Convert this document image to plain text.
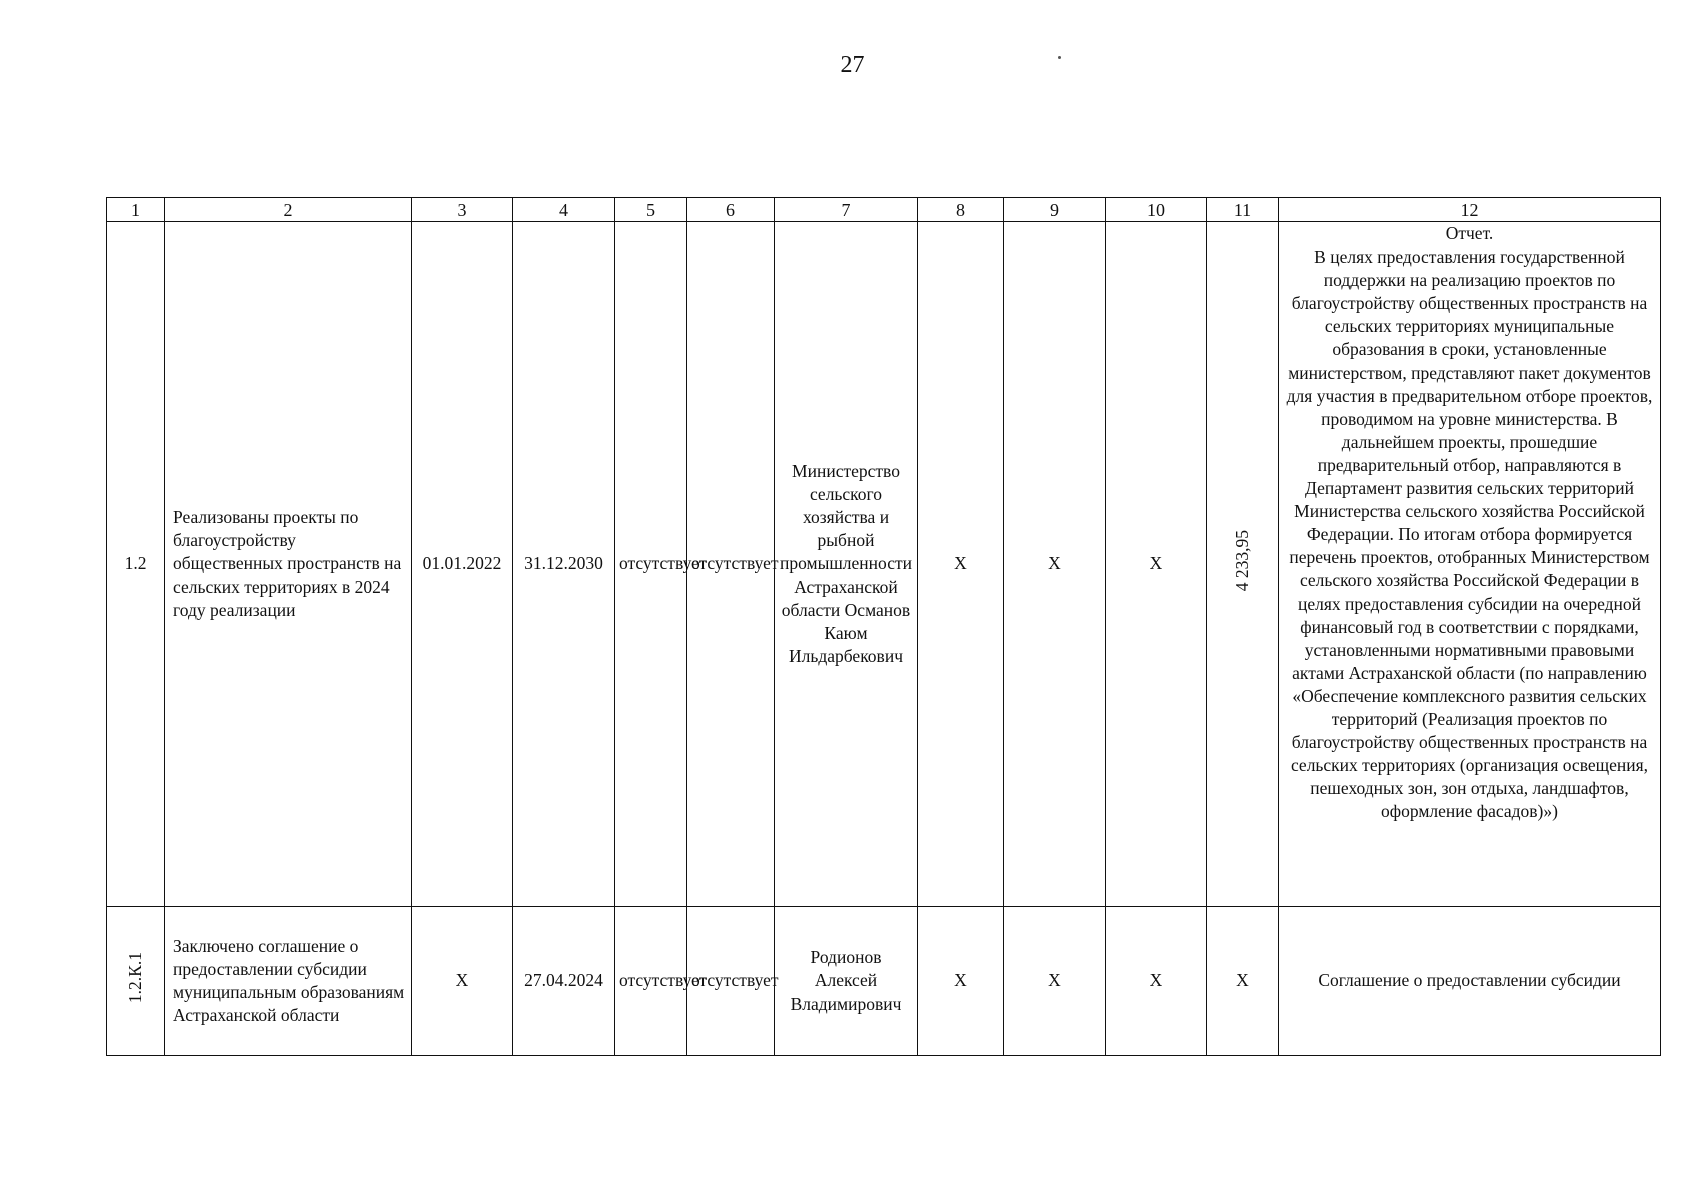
27
1	2	3	4	5	6	7	8	9	10	11	12
1.2	Реализованы проекты по благоустройству общественных пространств на сельских территориях в 2024 году реализации	01.01.2022	31.12.2030	отсутствует	отсутствует	Министерство сельского хозяйства и рыбной промышленности Астраханской области Османов Каюм Ильдарбекович	X	X	X	4 233,95	Отчет.
В целях предоставления государственной поддержки на реализацию проектов по благоустройству общественных пространств на сельских территориях муниципальные образования в сроки, установленные министерством, представляют пакет документов для участия в предварительном отборе проектов, проводимом на уровне министерства. В дальнейшем проекты, прошедшие предварительный отбор, направляются в Департамент развития сельских территорий Министерства сельского хозяйства Российской Федерации. По итогам отбора формируется перечень проектов, отобранных Министерством сельского хозяйства Российской Федерации в целях предоставления субсидии на очередной финансовый год в соответствии с порядками, установленными нормативными правовыми актами Астраханской области (по направлению «Обеспечение комплексного развития сельских территорий (Реализация проектов по благоустройству общественных пространств на сельских территориях (организация освещения, пешеходных зон, зон отдыха, ландшафтов, оформление фасадов)»)

1.2.К.1	Заключено соглашение о предоставлении субсидии муниципальным образованиям Астраханской области	X	27.04.2024	отсутствует	отсутствует	Родионов Алексей Владимирович	X	X	X	X	Соглашение о предоставлении субсидии
